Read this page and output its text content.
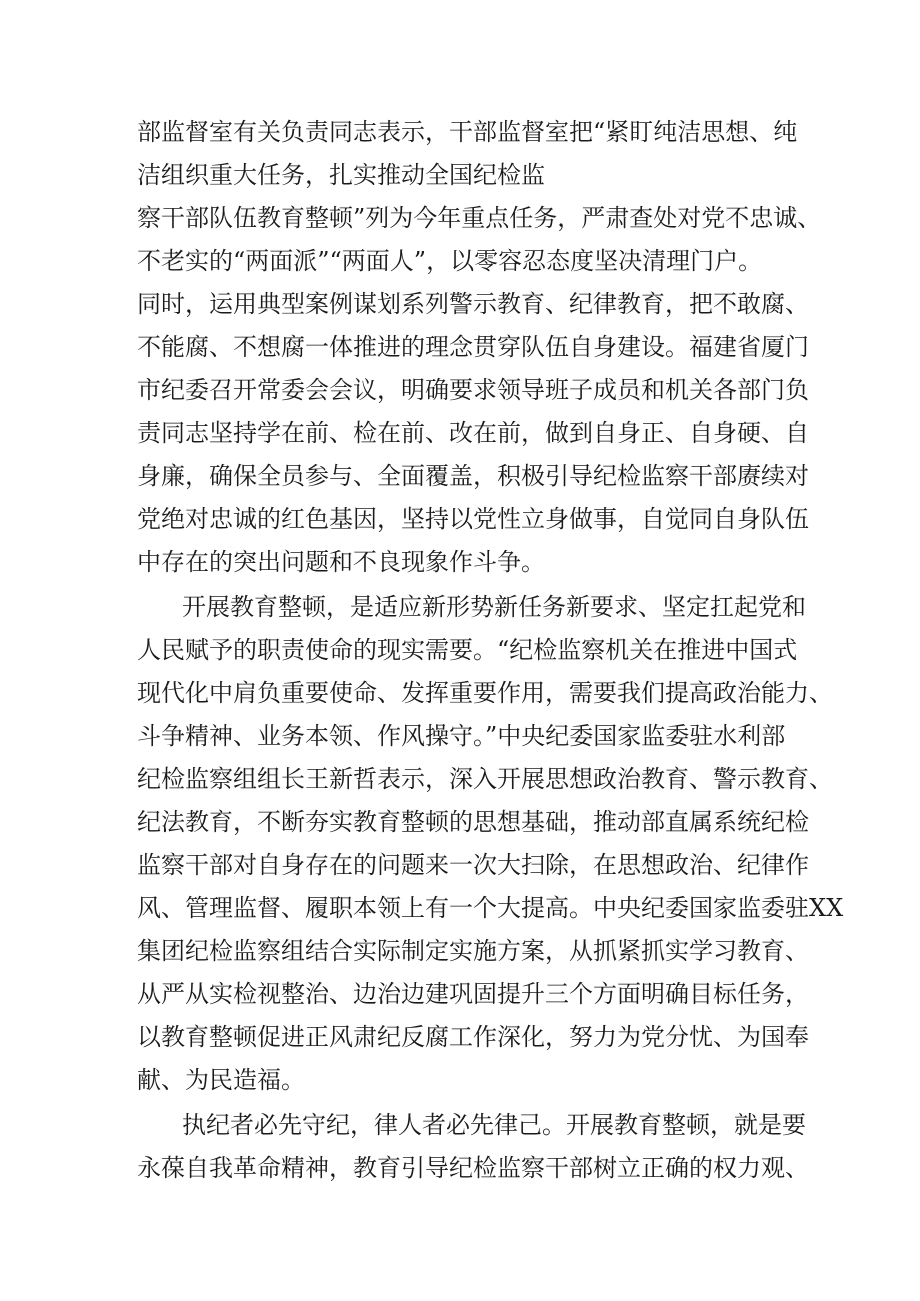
部监督室有关负责同志表示，干部监督室把“紧盯纯洁思想、纯

洁组织重大任务，扎实推动全国纪检监

察干部队伍教育整顿”列为今年重点任务，严肃查处对党不忠诚、

不老实的“两面派”“两面人”，以零容忍态度坚决清理门户。

同时，运用典型案例谋划系列警示教育、纪律教育，把不敢腐、

不能腐、不想腐一体推进的理念贯穿队伍自身建设。福建省厦门

市纪委召开常委会会议，明确要求领导班子成员和机关各部门负

责同志坚持学在前、检在前、改在前，做到自身正、自身硬、自

身廉，确保全员参与、全面覆盖，积极引导纪检监察干部赓续对

党绝对忠诚的红色基因，坚持以党性立身做事，自觉同自身队伍

中存在的突出问题和不良现象作斗争。

开展教育整顿，是适应新形势新任务新要求、坚定扛起党和

人民赋予的职责使命的现实需要。“纪检监察机关在推进中国式

现代化中肩负重要使命、发挥重要作用，需要我们提高政治能力、

斗争精神、业务本领、作风操守。”中央纪委国家监委驻水利部

纪检监察组组长王新哲表示，深入开展思想政治教育、警示教育、

纪法教育，不断夯实教育整顿的思想基础，推动部直属系统纪检

监察干部对自身存在的问题来一次大扫除，在思想政治、纪律作

风、管理监督、履职本领上有一个大提高。中央纪委国家监委驻XX

集团纪检监察组结合实际制定实施方案，从抓紧抓实学习教育、

从严从实检视整治、边治边建巩固提升三个方面明确目标任务，

以教育整顿促进正风肃纪反腐工作深化，努力为党分忧、为国奉

献、为民造福。

执纪者必先守纪，律人者必先律己。开展教育整顿，就是要

永葆自我革命精神，教育引导纪检监察干部树立正确的权力观、
